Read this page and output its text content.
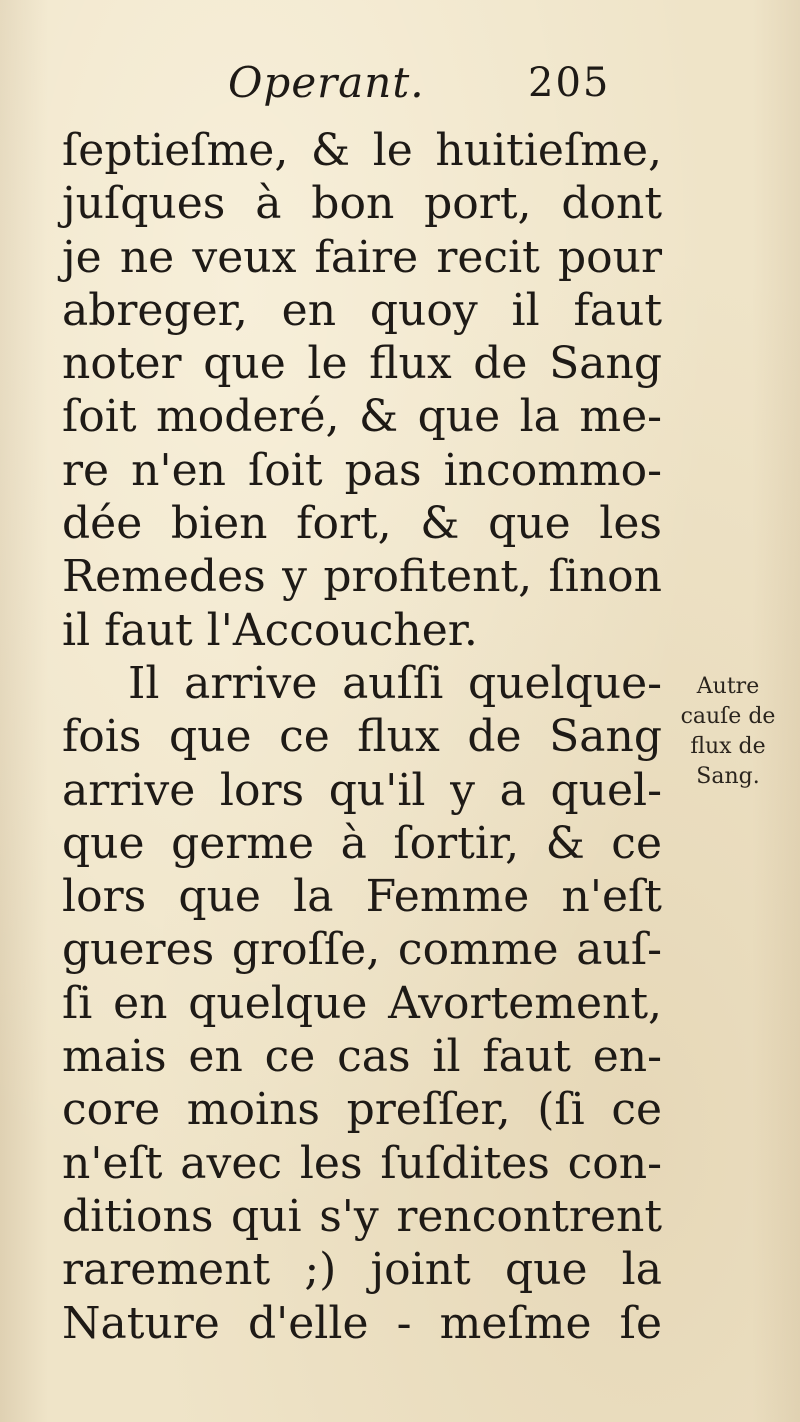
Operant.	205
ſeptieſme, & le huitieſme,
juſques à bon port, dont
je ne veux faire recit pour
abreger, en quoy il faut
noter que le flux de Sang
ſoit moderé, & que la me-
re n'en ſoit pas incommo-
dée bien fort, & que les
Remedes y profitent, ſinon
il faut l'Accoucher.
Il arrive auſſi quelque-
fois que ce flux de Sang
arrive lors qu'il y a quel-
que germe à ſortir, & ce
lors que la Femme n'eſt
gueres groſſe, comme auſ-
ſi en quelque Avortement,
mais en ce cas il faut en-
core moins preſſer, (ſi ce
n'eſt avec les ſuſdites con-
ditions qui s'y rencontrent
rarement ;) joint que la
Nature d'elle - meſme ſe
Autre
cauſe de
flux de
Sang.
